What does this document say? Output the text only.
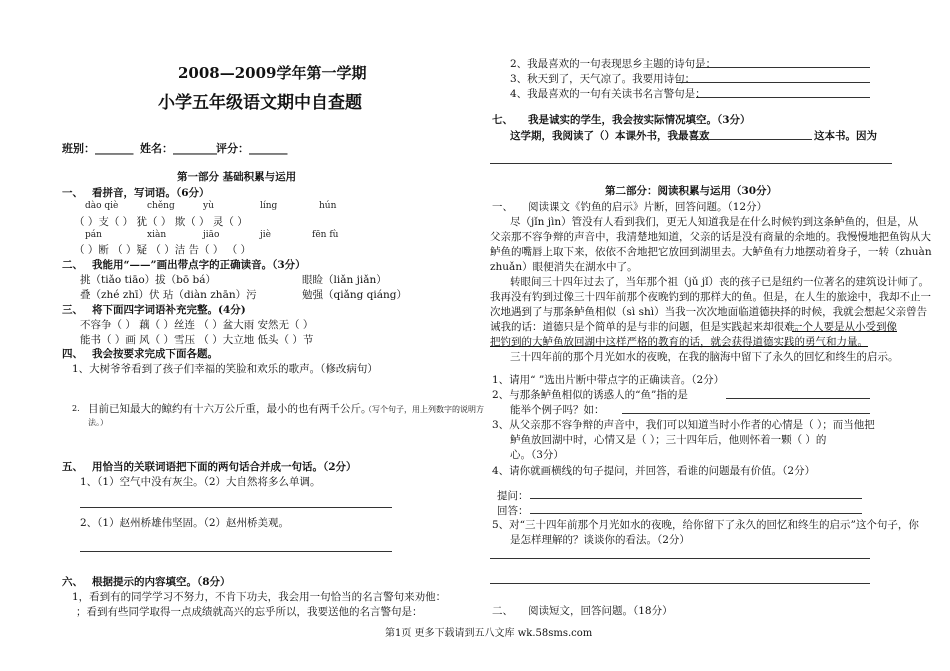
2008—2009学年第一学期
小学五年级语文期中自查题
班别：_______ 姓名：________ 评分：_______
第一部分 基础积累与运用
一、 看拼音，写词语。（6分）
dào qiè	chěng	yù	líng	hún
（ ）支（ ） 犹（ ） 欺（ ） 灵（ ）
pán	xiàn	jiāo	jiè	fēn fù
（ ）断 （ ）疑 （ ）洁 告（ ） （ ）
二、 我能用“——”画出带点字的正确读音。（3分）
挑（tiǎo tiāo）拔（bō bá）	眼睑（liǎn jiǎn）
叠（zhé zhī）伏 玷（diàn zhān）污	勉强（qiǎng qiáng）
三、 将下面四字词语补充完整。(4分)
不容争（ ） 藕（ ）丝连 （ ）盆大雨 安然无（ ）
能书（ ）画 风（ ）雪压 （ ）大立地 低头（ ）节
四、 我会按要求完成下面各题。
1、大树爷爷看到了孩子们幸福的笑脸和欢乐的歌声。（修改病句）
2. 目前已知最大的鲸约有十六万公斤重，最小的也有两千公斤。
（写个句子，用上列数字的说明方
法。）
五、 用恰当的关联词语把下面的两句话合并成一句话。（2分）
1、（1）空气中没有灰尘。（2）大自然将多么单调。
2、（1）赵州桥雄伟坚固。（2）赵州桥美观。
六、 根据提示的内容填空。（8分）
1，看到有的同学学习不努力，不肯下功夫，我会用一句恰当的名言警句来劝他：
；看到有些同学取得一点成绩就高兴的忘乎所以，我要送他的名言警句是：
2、我最喜欢的一句表现思乡主题的诗句是：
3、秋天到了，天气凉了。我要用诗句：
4、我最喜欢的一句有关读书名言警句是：
七、 我是诚实的学生，我会按实际情况填空。（3分）
这学期，我阅读了（）本课外书，我最喜欢	这本书。因为
第二部分：阅读积累与运用（30分）
一、 阅读课文《钓鱼的启示》片断，回答问题。（12分）
尽（jǐn jìn）管没有人看到我们，更无人知道我是在什么时候钓到这条鲈鱼的，但是，从
父亲那不容争辩的声音中，我清楚地知道，父亲的话是没有商量的余地的。我慢慢地把鱼钩从大
鲈鱼的嘴唇上取下来，依依不舍地把它放回到湖里去。大鲈鱼有力地摆动着身子，一转（zhuàn
zhuǎn）眼便消失在湖水中了。
转眼间三十四年过去了，当年那个祖（jǔ jǐ）丧的孩子已是纽约一位著名的建筑设计师了。
我再没有钓到过像三十四年前那个夜晚钓到的那样大的鱼。但是，在人生的旅途中，我却不止一
次地遇到了与那条鲈鱼相似（sì shì）当我一次次地面临道德抉择的时候，我就会想起父亲曾告
诫我的话：道德只是个简单的是与非的问题，但是实践起来却很难。
一个人要是从小受到像
把钓到的大鲈鱼放回湖中这样严格的教育的话，就会获得道德实践的勇气和力量。
三十四年前的那个月光如水的夜晚，在我的脑海中留下了永久的回忆和终生的启示。
1、请用“ ”选出片断中带点字的正确读音。（2分）
2、与那条鲈鱼相似的诱惑人的“鱼”指的是
能举个例子吗？如：
3、从父亲那不容争辩的声音中，我们可以知道当时小作者的心情是（ ）；而当他把
鲈鱼放回湖中时，心情又是（ ）；三十四年后，他则怀着一颗（ ）的
心。（3分）
4、请你就画横线的句子提问，并回答，看谁的问题最有价值。（2分）
提问：
回答：
5、对“三十四年前那个月光如水的夜晚，给你留下了永久的回忆和终生的启示”这个句子，你
是怎样理解的？谈谈你的看法。（2分）
二、 阅读短文，回答问题。（18分）
第1页 更多下载请到五八文库 wk.58sms.com
